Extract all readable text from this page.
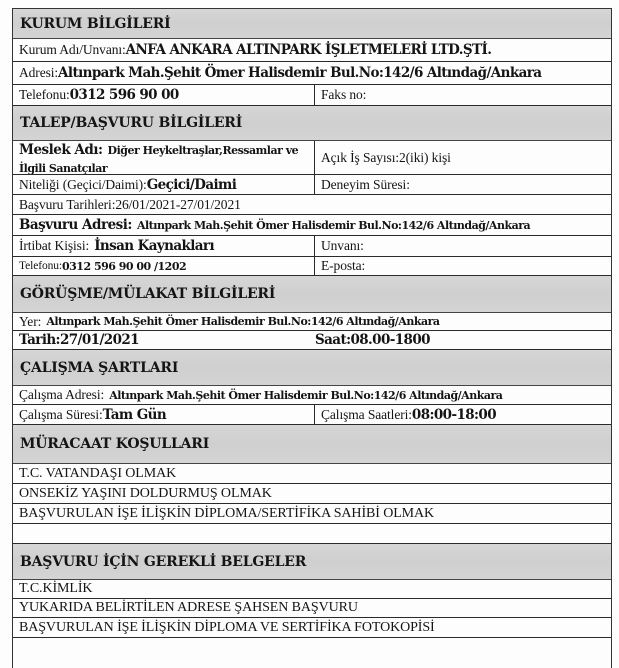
KURUM BİLGİLERİ
Kurum Adı/Unvanı: ANFA ANKARA ALTINPARK İŞLETMELERİ LTD.ŞTİ.
Adresi: Altınpark Mah.Şehit Ömer Halisdemir Bul.No:142/6 Altındağ/Ankara
Telefonu: 0312 596 90 00	Faks no:
TALEP/BAŞVURU BİLGİLERİ
Meslek Adı: Diğer Heykeltraşlar,Ressamlar ve
İlgili Sanatçılar
Açık İş Sayısı: 2(iki) kişi
Niteliği (Geçici/Daimi): Geçici/Daimi	Deneyim Süresi:
Başvuru Tarihleri: 26/01/2021-27/01/2021
Başvuru Adresi:
Altınpark Mah.Şehit Ömer Halisdemir Bul.No:142/6 Altındağ/Ankara
İrtibat Kişisi:
İnsan Kaynakları	Unvanı:
Telefonu: 0312 596 90 00 /1202	E-posta:
GÖRÜŞME/MÜLAKAT BİLGİLERİ
Yer:
Altınpark Mah.Şehit Ömer Halisdemir Bul.No:142/6 Altındağ/Ankara
Tarih:27/01/2021	Saat:08.00-1800
ÇALIŞMA ŞARTLARI
Çalışma Adresi:
Altınpark Mah.Şehit Ömer Halisdemir Bul.No:142/6 Altındağ/Ankara
Çalışma Süresi: Tam Gün	Çalışma Saatleri: 08:00-18:00
MÜRACAAT KOŞULLARI
T.C. VATANDAŞI OLMAK
ONSEKİZ YAŞINI DOLDURMUŞ OLMAK
BAŞVURULAN İŞE İLİŞKİN DİPLOMA/SERTİFİKA SAHİBİ OLMAK
BAŞVURU İÇİN GEREKLİ BELGELER
T.C.KİMLİK
YUKARIDA BELİRTİLEN ADRESE ŞAHSEN BAŞVURU
BAŞVURULAN İŞE İLİŞKİN DİPLOMA VE SERTİFİKA FOTOKOPİSİ
